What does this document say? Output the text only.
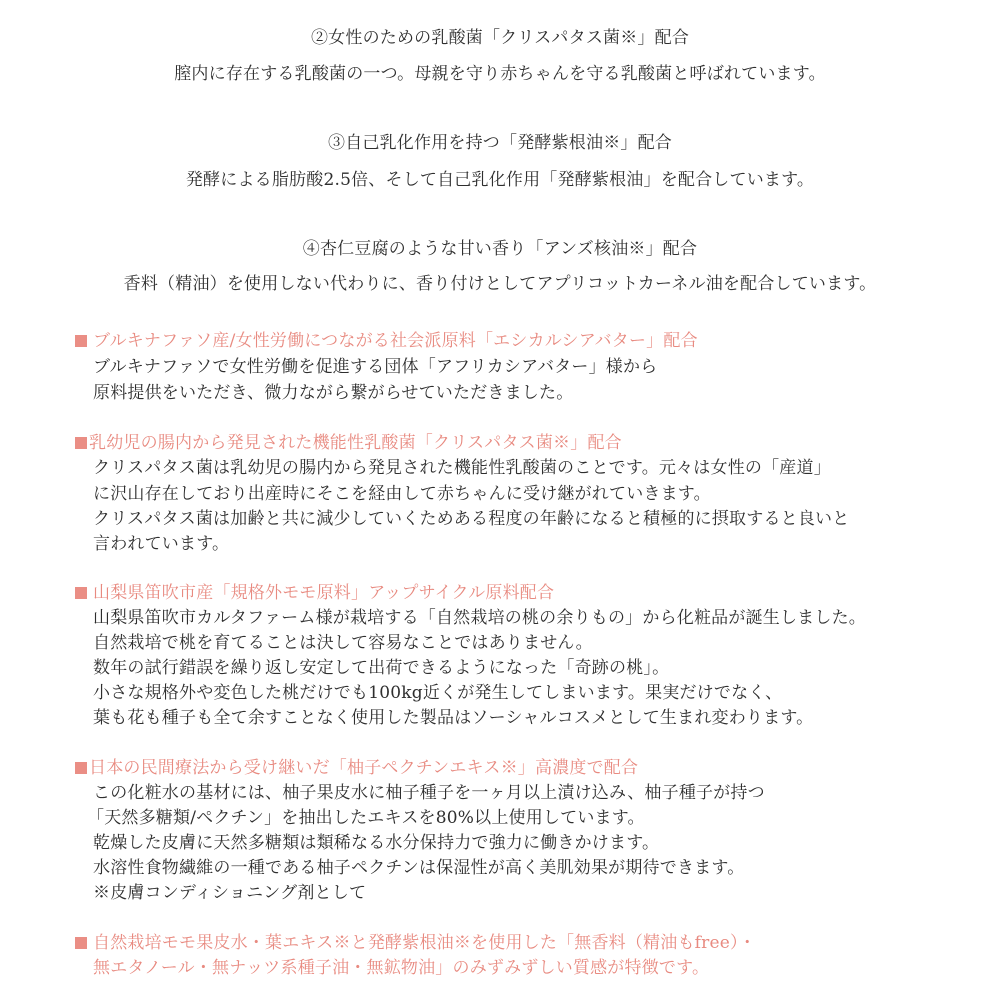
②女性のための乳酸菌「クリスパタス菌※」配合
膣内に存在する乳酸菌の一つ。母親を守り赤ちゃんを守る乳酸菌と呼ばれています。
③自己乳化作用を持つ「発酵紫根油※」配合
発酵による脂肪酸2.5倍、そして自己乳化作用「発酵紫根油」を配合しています。
④杏仁豆腐のような甘い香り「アンズ核油※」配合
香料（精油）を使用しない代わりに、香り付けとしてアプリコットカーネル油を配合しています。
ブルキナファソ産/女性労働につながる社会派原料「エシカルシアバター」配合
ブルキナファソで女性労働を促進する団体「アフリカシアバター」様から
原料提供をいただき、微力ながら繋がらせていただきました。
乳幼児の腸内から発見された機能性乳酸菌「クリスパタス菌※」配合
クリスパタス菌は乳幼児の腸内から発見された機能性乳酸菌のことです。元々は女性の「産道」
に沢山存在しており出産時にそこを経由して赤ちゃんに受け継がれていきます。
クリスパタス菌は加齢と共に減少していくためある程度の年齢になると積極的に摂取すると良いと
言われています。
山梨県笛吹市産「規格外モモ原料」アップサイクル原料配合
山梨県笛吹市カルタファーム様が栽培する「自然栽培の桃の余りもの」から化粧品が誕生しました。
自然栽培で桃を育てることは決して容易なことではありません。
数年の試行錯誤を繰り返し安定して出荷できるようになった「奇跡の桃」。
小さな規格外や変色した桃だけでも100kg近くが発生してしまいます。果実だけでなく、
葉も花も種子も全て余すことなく使用した製品はソーシャルコスメとして生まれ変わります。
日本の民間療法から受け継いだ「柚子ペクチンエキス※」高濃度で配合
この化粧水の基材には、柚子果皮水に柚子種子を一ヶ月以上漬け込み、柚子種子が持つ
「天然多糖類/ペクチン」を抽出したエキスを80%以上使用しています。
乾燥した皮膚に天然多糖類は類稀なる水分保持力で強力に働きかけます。
水溶性食物繊維の一種である柚子ペクチンは保湿性が高く美肌効果が期待できます。
※皮膚コンディショニング剤として
自然栽培モモ果皮水・葉エキス※と発酵紫根油※を使用した「無香料（精油もfree）・
無エタノール・無ナッツ系種子油・無鉱物油」のみずみずしい質感が特徴です。
